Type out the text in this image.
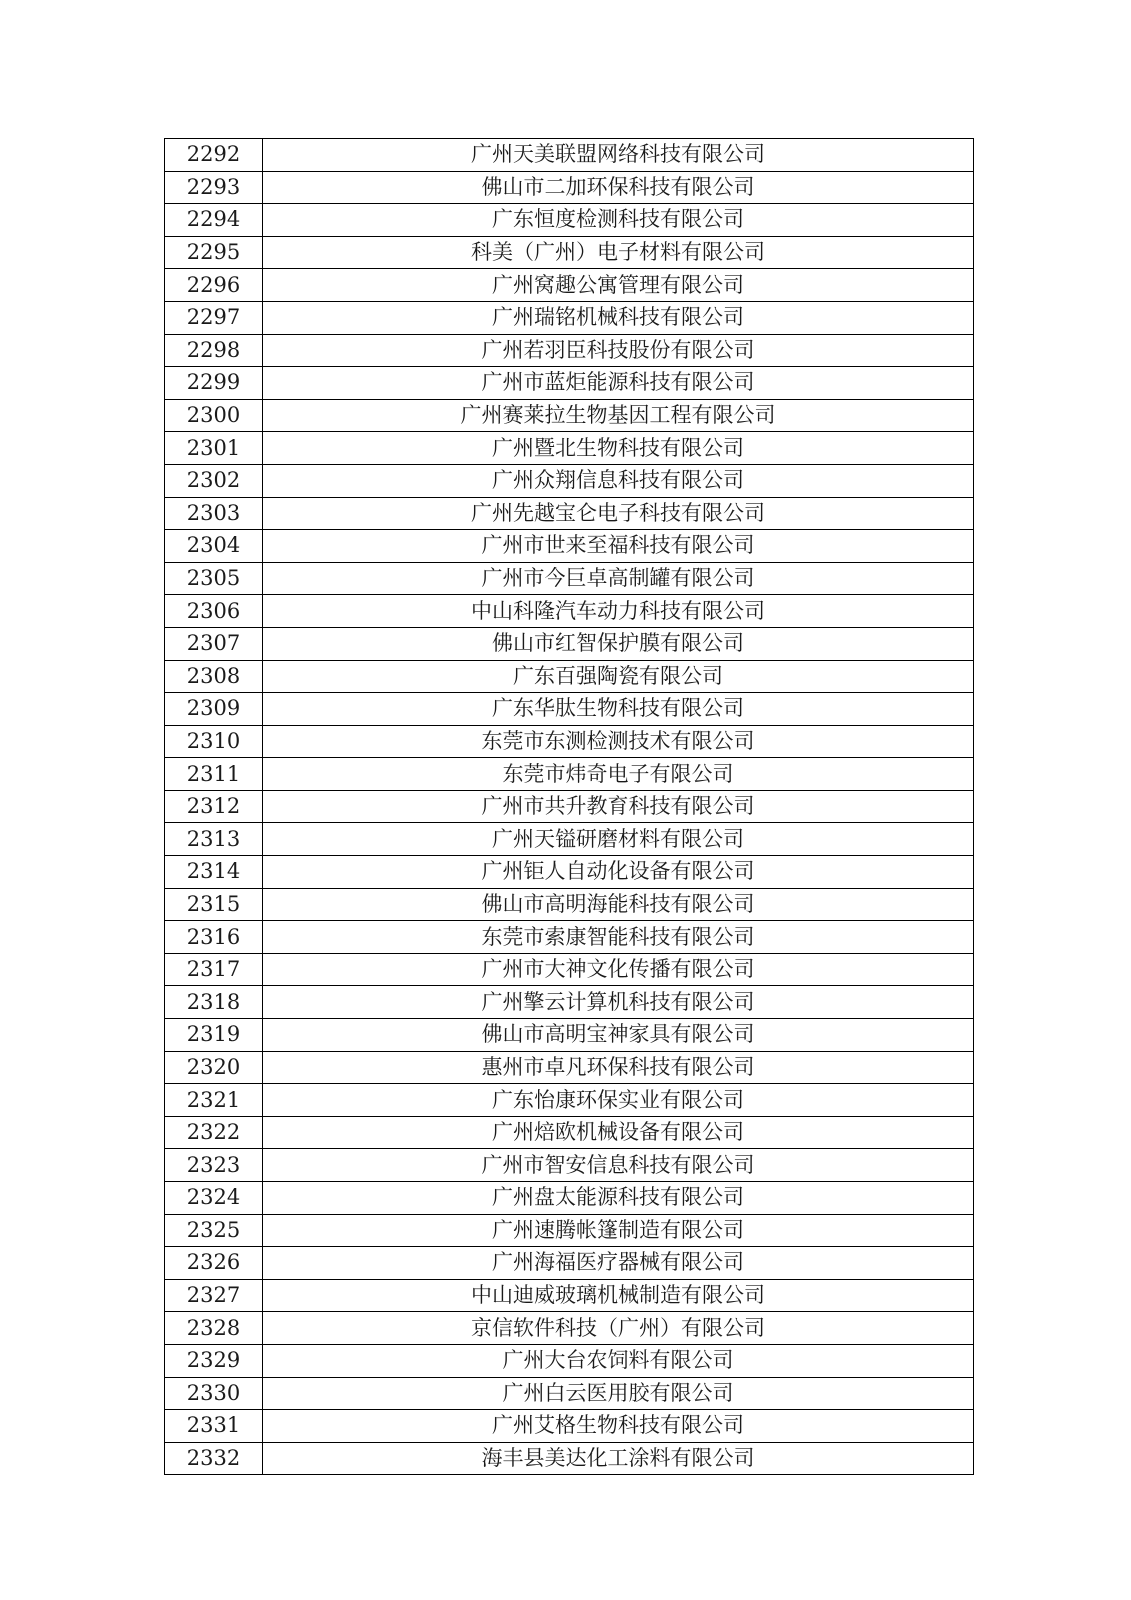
2292	广州天美联盟网络科技有限公司
2293	佛山市二加环保科技有限公司
2294	广东恒度检测科技有限公司
2295	科美（广州）电子材料有限公司
2296	广州窝趣公寓管理有限公司
2297	广州瑞铭机械科技有限公司
2298	广州若羽臣科技股份有限公司
2299	广州市蓝炬能源科技有限公司
2300	广州赛莱拉生物基因工程有限公司
2301	广州暨北生物科技有限公司
2302	广州众翔信息科技有限公司
2303	广州先越宝仑电子科技有限公司
2304	广州市世来至福科技有限公司
2305	广州市今巨卓高制罐有限公司
2306	中山科隆汽车动力科技有限公司
2307	佛山市红智保护膜有限公司
2308	广东百强陶瓷有限公司
2309	广东华肽生物科技有限公司
2310	东莞市东测检测技术有限公司
2311	东莞市炜奇电子有限公司
2312	广州市共升教育科技有限公司
2313	广州天镒研磨材料有限公司
2314	广州钜人自动化设备有限公司
2315	佛山市高明海能科技有限公司
2316	东莞市索康智能科技有限公司
2317	广州市大神文化传播有限公司
2318	广州擎云计算机科技有限公司
2319	佛山市高明宝神家具有限公司
2320	惠州市卓凡环保科技有限公司
2321	广东怡康环保实业有限公司
2322	广州焙欧机械设备有限公司
2323	广州市智安信息科技有限公司
2324	广州盘太能源科技有限公司
2325	广州速腾帐篷制造有限公司
2326	广州海福医疗器械有限公司
2327	中山迪威玻璃机械制造有限公司
2328	京信软件科技（广州）有限公司
2329	广州大台农饲料有限公司
2330	广州白云医用胶有限公司
2331	广州艾格生物科技有限公司
2332	海丰县美达化工涂料有限公司
